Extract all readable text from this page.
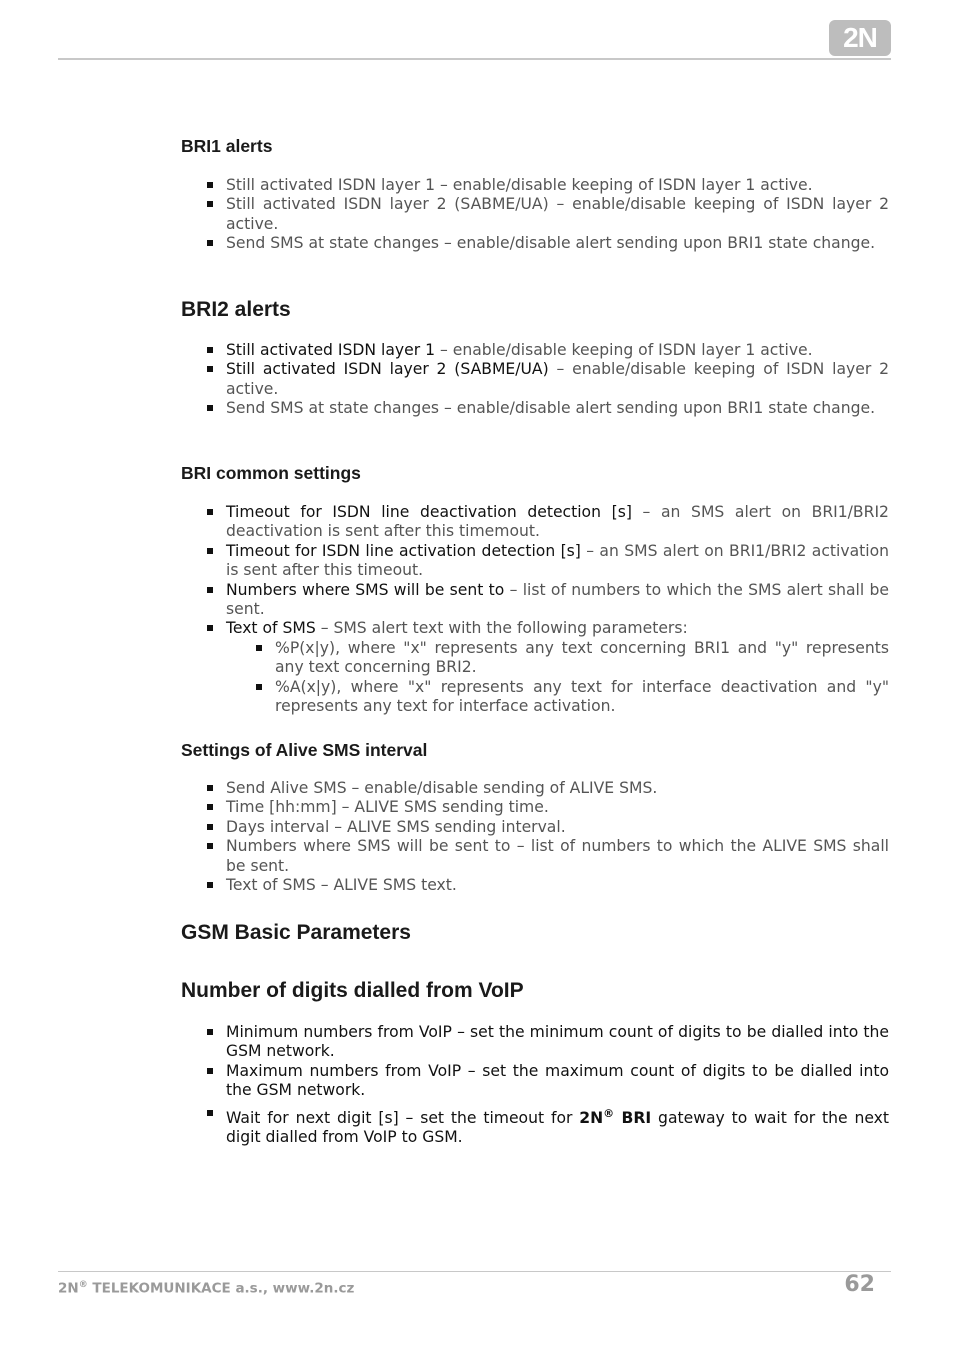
2N
BRI1 alerts
Still activated ISDN layer 1 – enable/disable keeping of ISDN layer 1 active.
Still activated ISDN layer 2 (SABME/UA) – enable/disable keeping of ISDN layer 2 active.
Send SMS at state changes – enable/disable alert sending upon BRI1 state change.
BRI2 alerts
Still activated ISDN layer 1 – enable/disable keeping of ISDN layer 1 active.
Still activated ISDN layer 2 (SABME/UA) – enable/disable keeping of ISDN layer 2 active.
Send SMS at state changes – enable/disable alert sending upon BRI1 state change.
BRI common settings
Timeout for ISDN line deactivation detection [s] – an SMS alert on BRI1/BRI2 deactivation is sent after this timemout.
Timeout for ISDN line activation detection [s] – an SMS alert on BRI1/BRI2 activation is sent after this timeout.
Numbers where SMS will be sent to – list of numbers to which the SMS alert shall be sent.
Text of SMS – SMS alert text with the following parameters:
%P(x|y), where "x" represents any text concerning BRI1 and "y" represents any text concerning BRI2.
%A(x|y), where "x" represents any text for interface deactivation and "y" represents any text for interface activation.
Settings of Alive SMS interval
Send Alive SMS – enable/disable sending of ALIVE SMS.
Time [hh:mm] – ALIVE SMS sending time.
Days interval – ALIVE SMS sending interval.
Numbers where SMS will be sent to – list of numbers to which the ALIVE SMS shall be sent.
Text of SMS – ALIVE SMS text.
GSM Basic Parameters
Number of digits dialled from VoIP
Minimum numbers from VoIP – set the minimum count of digits to be dialled into the GSM network.
Maximum numbers from VoIP – set the maximum count of digits to be dialled into the GSM network.
Wait for next digit [s] – set the timeout for 2N® BRI gateway to wait for the next digit dialled from VoIP to GSM.
2N® TELEKOMUNIKACE a.s., www.2n.cz	62
